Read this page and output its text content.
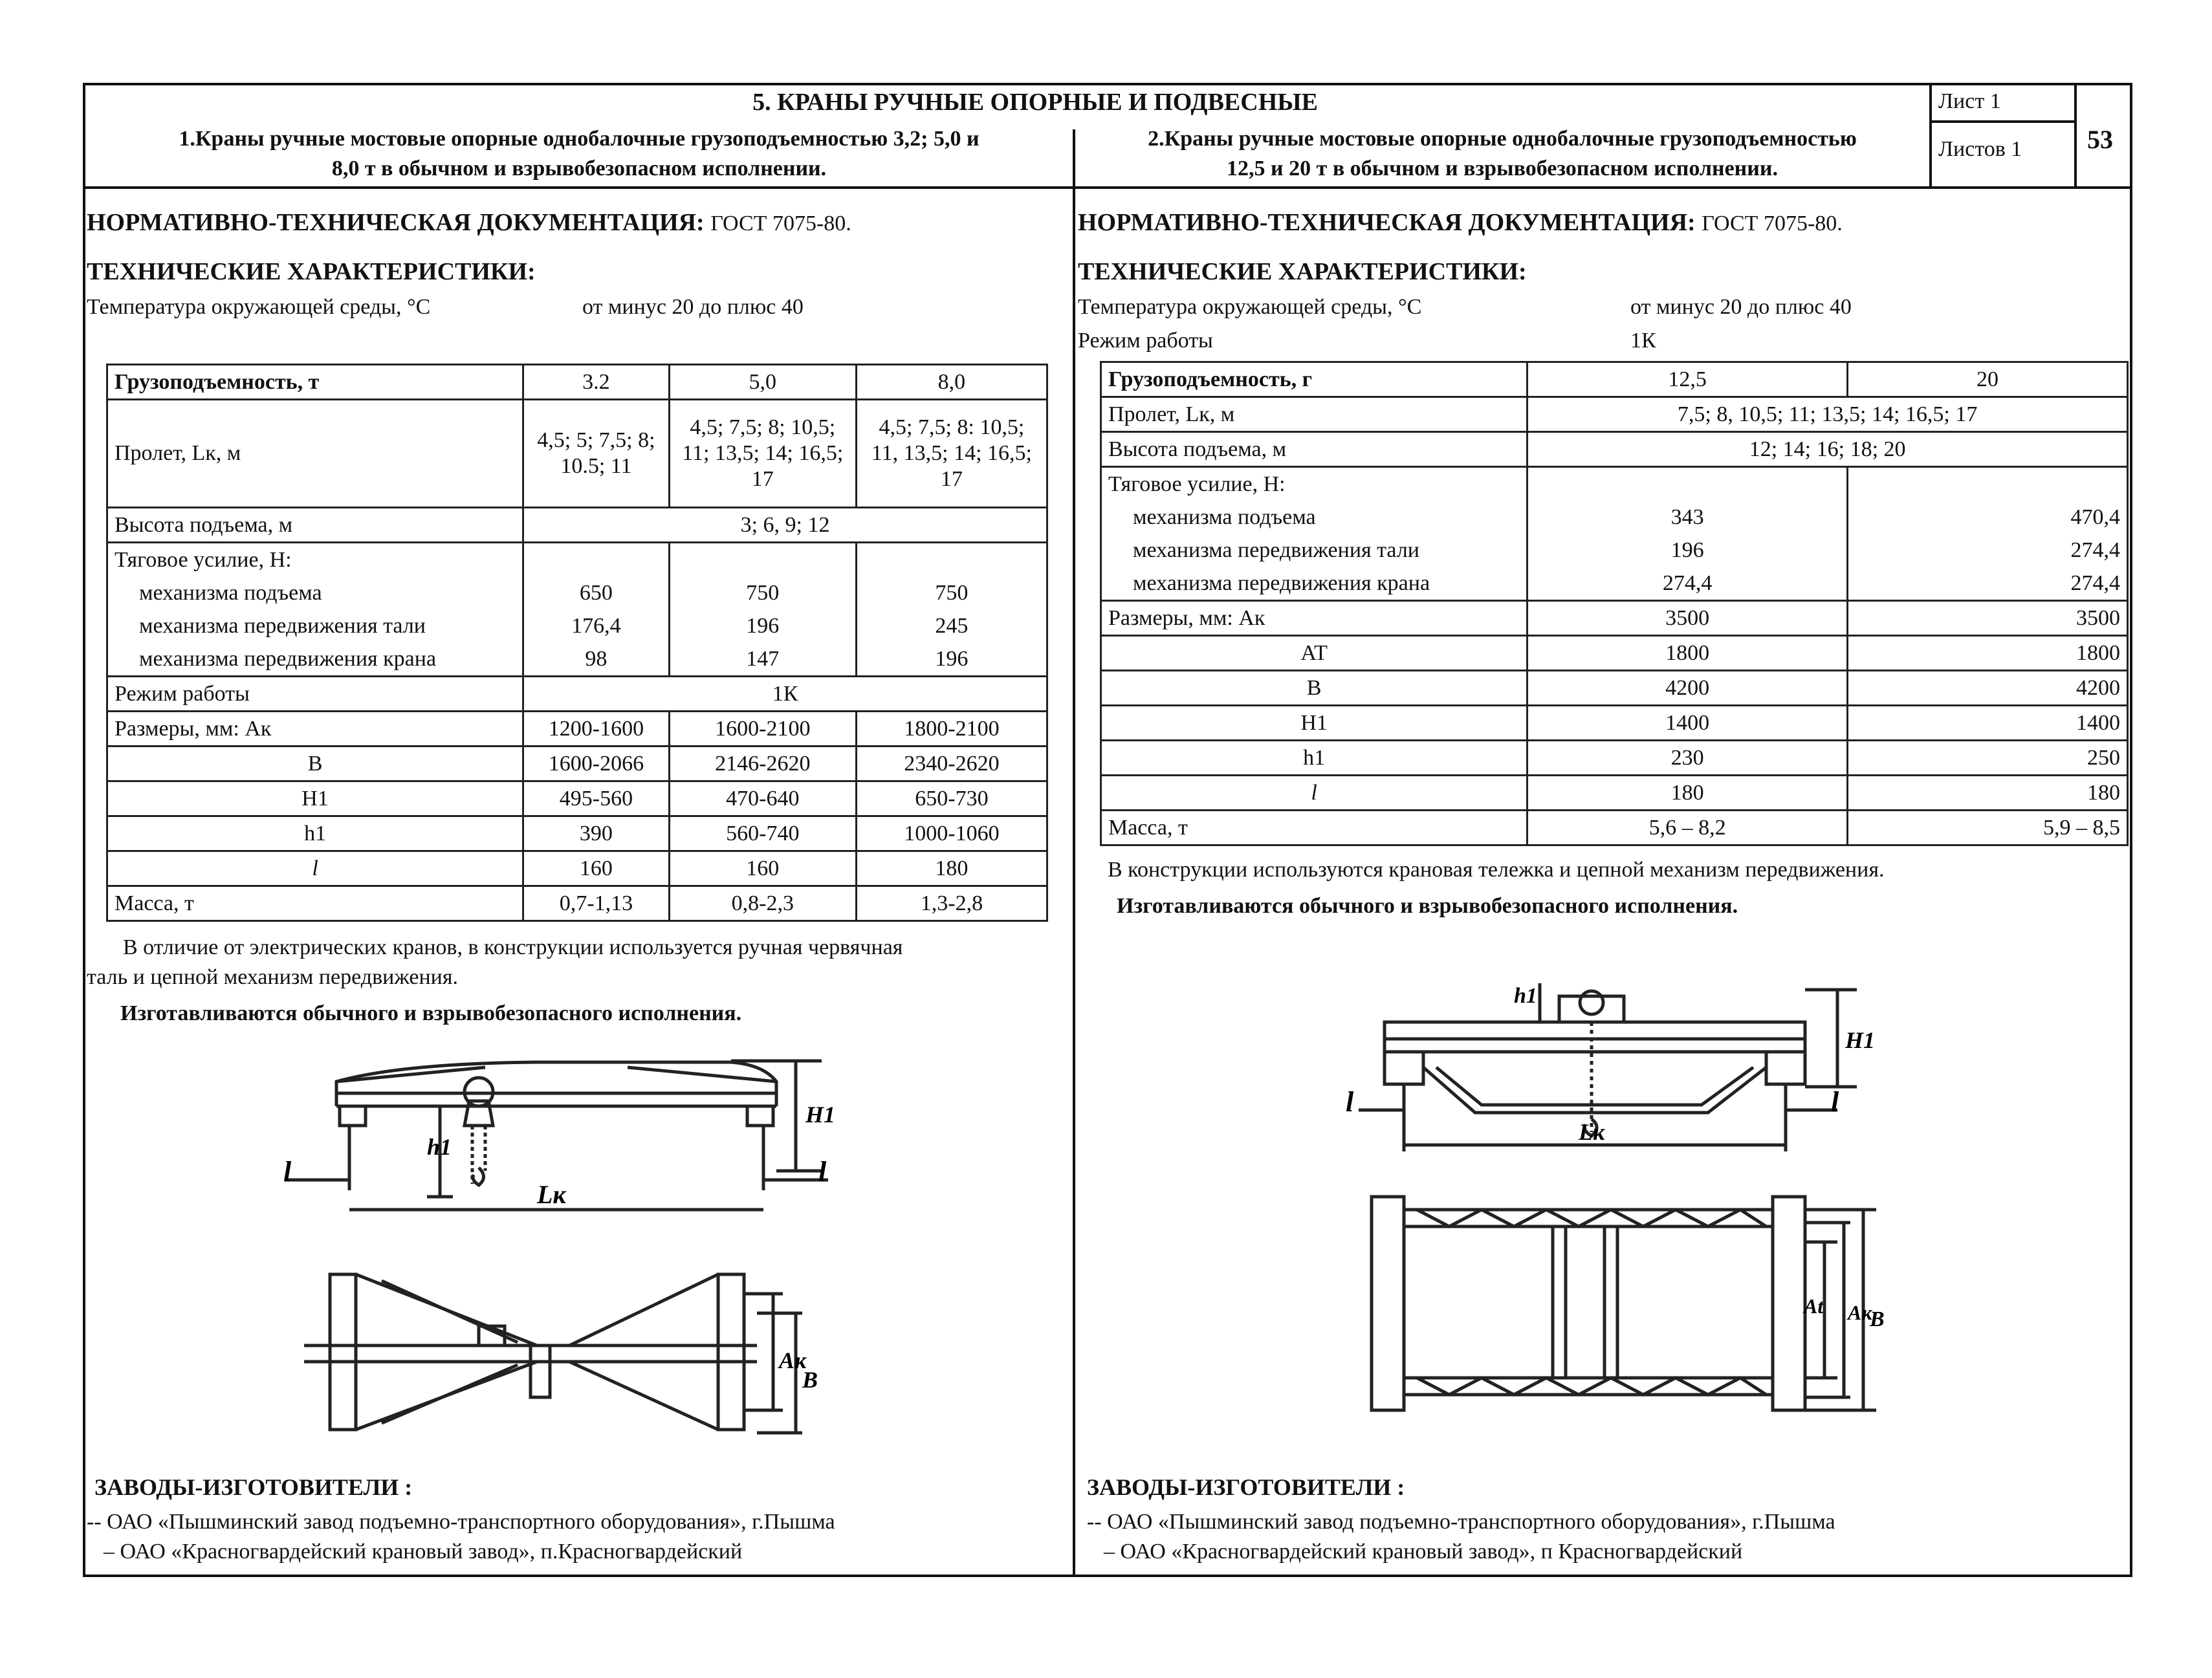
5. КРАНЫ РУЧНЫЕ ОПОРНЫЕ И ПОДВЕСНЫЕ
1.Краны ручные мостовые опорные однобалочные грузоподъемностью 3,2; 5,0 и
8,0 т в обычном и взрывобезопасном исполнении.
2.Краны ручные мостовые опорные однобалочные грузоподъемностью
12,5 и 20 т в обычном и взрывобезопасном исполнении.
Лист 1
Листов 1	53
НОРМАТИВНО-ТЕХНИЧЕСКАЯ ДОКУМЕНТАЦИЯ: ГОСТ 7075-80.
ТЕХНИЧЕСКИЕ ХАРАКТЕРИСТИКИ:
Температура окружающей среды, °С	от минус 20 до плюс 40
Грузоподъемность, т	3.2	5,0	8,0
Пролет, Lк, м	4,5; 5; 7,5; 8; 10.5; 11	4,5; 7,5; 8; 10,5; 11; 13,5; 14; 16,5; 17	4,5; 7,5; 8: 10,5; 11, 13,5; 14; 16,5; 17
Высота подъема, м	3; 6, 9; 12		
Тяговое усилие, Н:			
механизма подъема	650	750	750
механизма передвижения тали	176,4	196	245
механизма передвижения крана	98	147	196
Режим работы	1К		
Размеры, мм: Aк	1200-1600	1600-2100	1800-2100
B	1600-2066	2146-2620	2340-2620
H1	495-560	470-640	650-730
h1	390	560-740	1000-1060
l	160	160	180
Масса, т	0,7-1,13	0,8-2,3	1,3-2,8
В отличие от электрических кранов, в конструкции используется ручная червячная
таль и цепной механизм передвижения.
Изготавливаются обычного и взрывобезопасного исполнения.
l	l
Lк
h1
H1
Aк
B
ЗАВОДЫ-ИЗГОТОВИТЕЛИ :
-- ОАО «Пышминский завод подъемно-транспортного оборудования», г.Пышма
– ОАО «Красногвардейский крановый завод», п.Красногвардейский
НОРМАТИВНО-ТЕХНИЧЕСКАЯ ДОКУМЕНТАЦИЯ: ГОСТ 7075-80.
ТЕХНИЧЕСКИЕ ХАРАКТЕРИСТИКИ:
Температура окружающей среды, °С	от минус 20 до плюс 40
Режим работы	1К
Грузоподъемность, г	12,5	20
Пролет, Lк, м	7,5; 8, 10,5; 11; 13,5; 14; 16,5; 17	
Высота подъема, м	12; 14; 16; 18; 20	
Тяговое усилие, Н:		
механизма подъема	343	470,4
механизма передвижения тали	196	274,4
механизма передвижения крана	274,4	274,4
Размеры, мм: Aк	3500	3500
AT	1800	1800
B	4200	4200
H1	1400	1400
h1	230	250
l	180	180
Масса, т	5,6 – 8,2	5,9 – 8,5
В конструкции используются крановая тележка и цепной механизм передвижения.
Изготавливаются обычного и взрывобезопасного исполнения.
l	l
Lк
h1
H1
At Aк
B
ЗАВОДЫ-ИЗГОТОВИТЕЛИ :
-- ОАО «Пышминский завод подъемно-транспортного оборудования», г.Пышма
– ОАО «Красногвардейский крановый завод», п Красногвардейский
